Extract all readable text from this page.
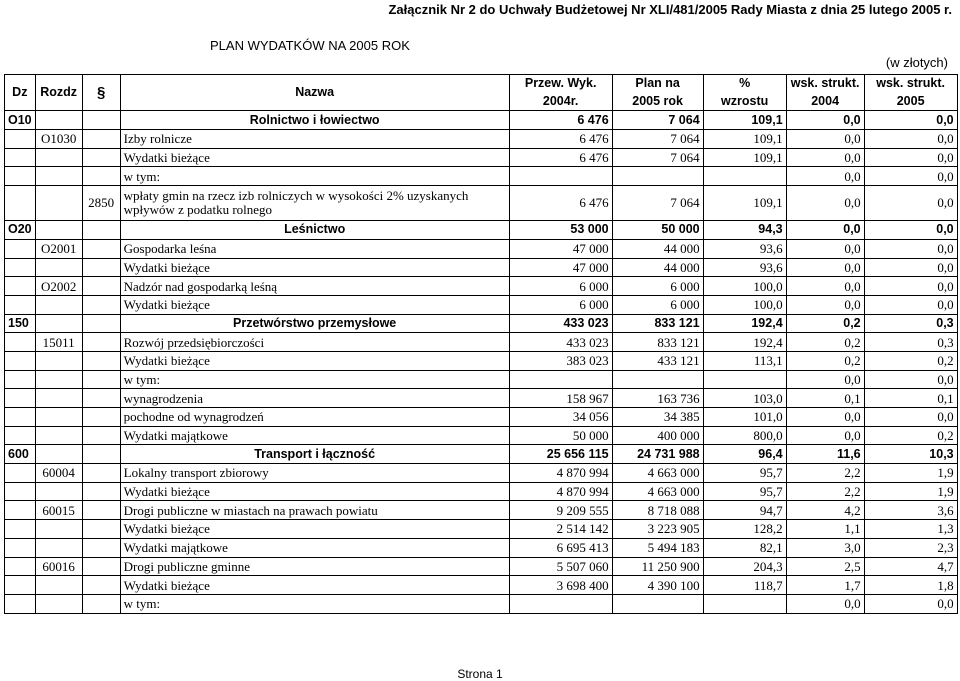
Załącznik Nr 2 do Uchwały Budżetowej Nr XLI/481/2005 Rady Miasta z dnia 25 lutego 2005 r.
PLAN WYDATKÓW NA 2005 ROK
(w złotych)
Dz	Rozdz	§	Nazwa	Przew. Wyk.	Plan na	%	wsk. strukt.	wsk. strukt.
				2004r.	2005 rok	wzrostu	2004	2005
O10			Rolnictwo i łowiectwo	6 476	7 064	109,1	0,0	0,0
	O1030		Izby rolnicze	6 476	7 064	109,1	0,0	0,0
			Wydatki bieżące	6 476	7 064	109,1	0,0	0,0
			w tym:				0,0	0,0
		2850	wpłaty gmin na rzecz izb rolniczych w wysokości 2% uzyskanych wpływów z podatku rolnego	6 476	7 064	109,1	0,0	0,0
O20			Leśnictwo	53 000	50 000	94,3	0,0	0,0
	O2001		Gospodarka leśna	47 000	44 000	93,6	0,0	0,0
			Wydatki bieżące	47 000	44 000	93,6	0,0	0,0
	O2002		Nadzór nad gospodarką leśną	6 000	6 000	100,0	0,0	0,0
			Wydatki bieżące	6 000	6 000	100,0	0,0	0,0
150			Przetwórstwo przemysłowe	433 023	833 121	192,4	0,2	0,3
	15011		Rozwój przedsiębiorczości	433 023	833 121	192,4	0,2	0,3
			Wydatki bieżące	383 023	433 121	113,1	0,2	0,2
			w tym:				0,0	0,0
			wynagrodzenia	158 967	163 736	103,0	0,1	0,1
			pochodne od wynagrodzeń	34 056	34 385	101,0	0,0	0,0
			Wydatki majątkowe	50 000	400 000	800,0	0,0	0,2
600			Transport i łączność	25 656 115	24 731 988	96,4	11,6	10,3
	60004		Lokalny transport zbiorowy	4 870 994	4 663 000	95,7	2,2	1,9
			Wydatki bieżące	4 870 994	4 663 000	95,7	2,2	1,9
	60015		Drogi publiczne w miastach na prawach powiatu	9 209 555	8 718 088	94,7	4,2	3,6
			Wydatki bieżące	2 514 142	3 223 905	128,2	1,1	1,3
			Wydatki majątkowe	6 695 413	5 494 183	82,1	3,0	2,3
	60016		Drogi publiczne gminne	5 507 060	11 250 900	204,3	2,5	4,7
			Wydatki bieżące	3 698 400	4 390 100	118,7	1,7	1,8
			w tym:				0,0	0,0
Strona 1
